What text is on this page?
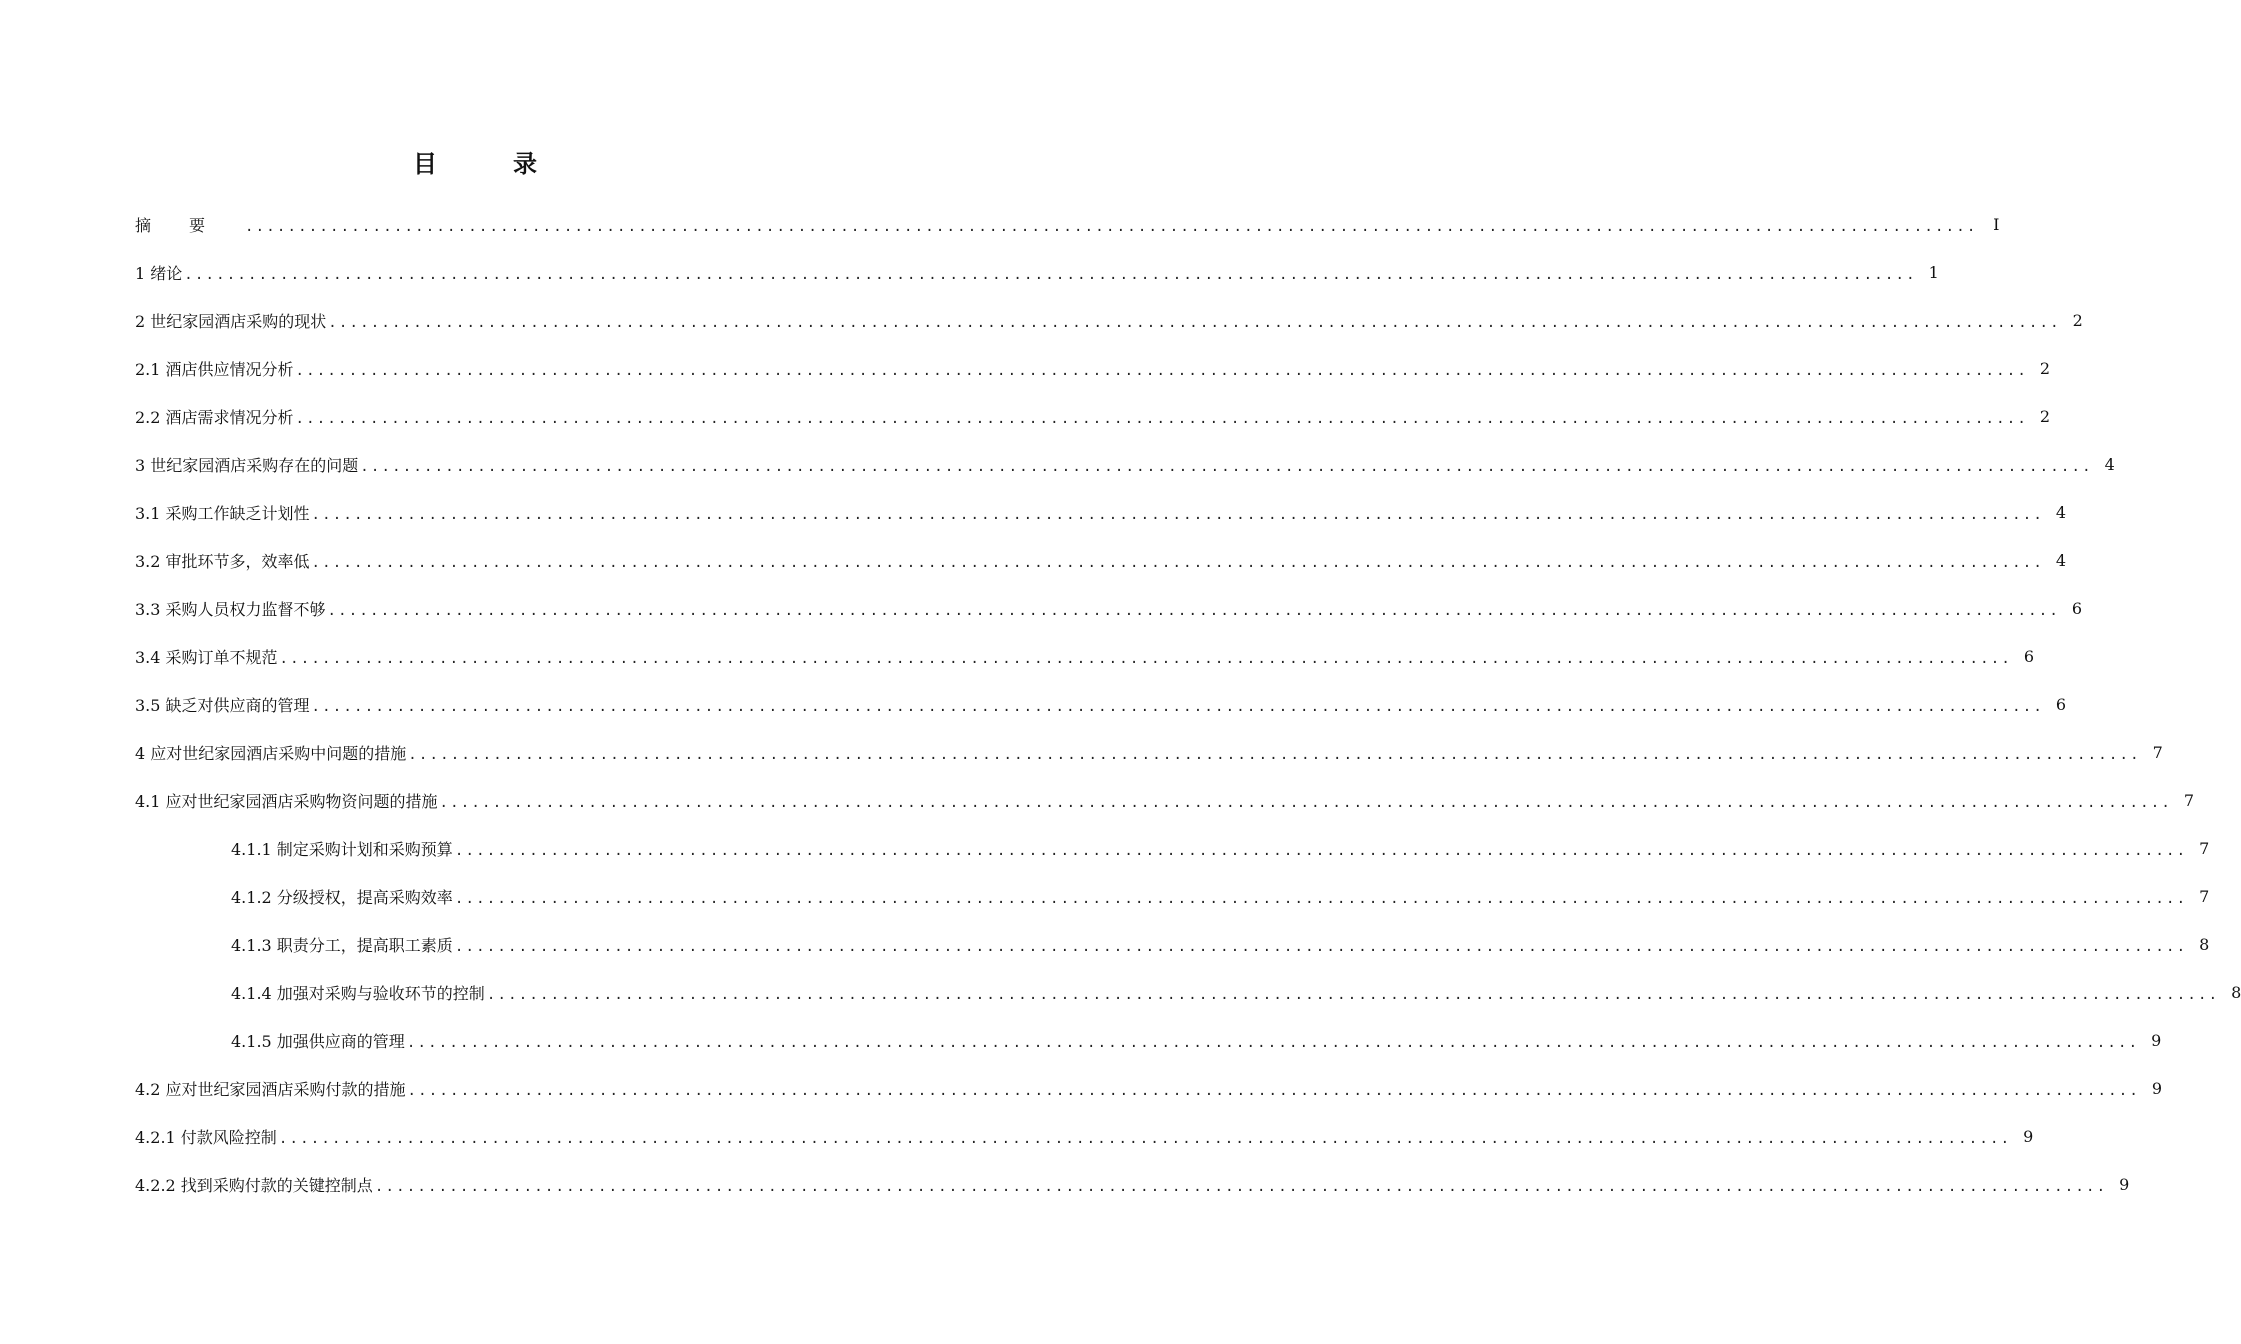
目　录
摘要 ................................................................................................................................................................... I
1 绪论 ................................................................................................................................................................... 1
2 世纪家园酒店采购的现状 ................................................................................................................................................................... 2
2.1 酒店供应情况分析 ................................................................................................................................................................... 2
2.2 酒店需求情况分析 ................................................................................................................................................................... 2
3 世纪家园酒店采购存在的问题 ................................................................................................................................................................... 4
3.1 采购工作缺乏计划性 ................................................................................................................................................................... 4
3.2 审批环节多，效率低 ................................................................................................................................................................... 4
3.3 采购人员权力监督不够 ................................................................................................................................................................... 6
3.4 采购订单不规范 ................................................................................................................................................................... 6
3.5 缺乏对供应商的管理 ................................................................................................................................................................... 6
4 应对世纪家园酒店采购中问题的措施 ................................................................................................................................................................... 7
4.1 应对世纪家园酒店采购物资问题的措施 ................................................................................................................................................................... 7
4.1.1 制定采购计划和采购预算 ................................................................................................................................................................... 7
4.1.2 分级授权，提高采购效率 ................................................................................................................................................................... 7
4.1.3 职责分工，提高职工素质 ................................................................................................................................................................... 8
4.1.4 加强对采购与验收环节的控制 ................................................................................................................................................................... 8
4.1.5 加强供应商的管理 ................................................................................................................................................................... 9
4.2 应对世纪家园酒店采购付款的措施 ................................................................................................................................................................... 9
4.2.1 付款风险控制 ................................................................................................................................................................... 9
4.2.2 找到采购付款的关键控制点 ................................................................................................................................................................... 9
